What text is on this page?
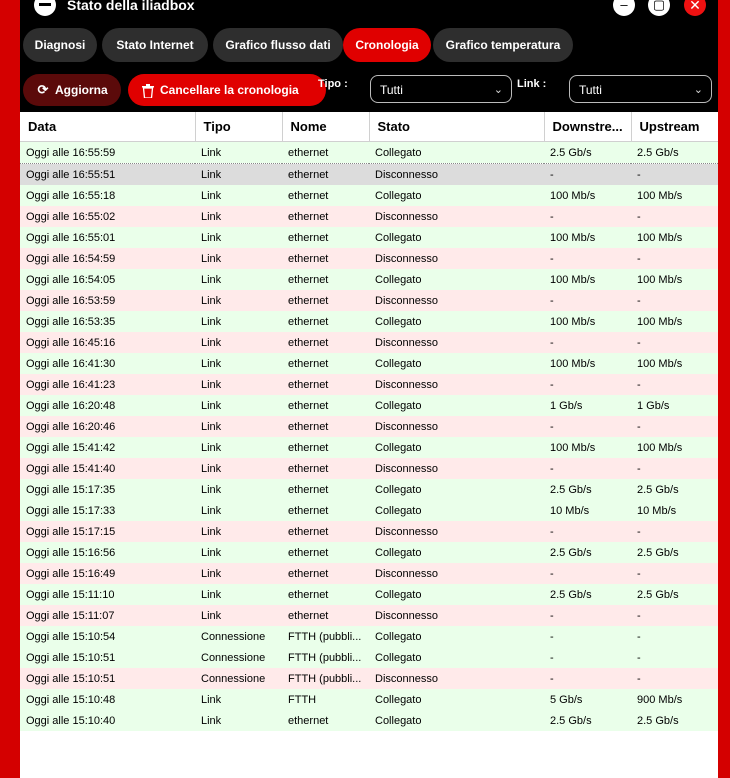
Stato della iliadbox	–	▢	✕
Diagnosi	Stato Internet	Grafico flusso dati	Cronologia	Grafico temperatura
⟳ Aggiorna	Cancellare la cronologia Tipo :	Tutti	⌄ Link :	Tutti	⌄
Data	Tipo	Nome	Stato	Downstre...	Upstream
Oggi alle 16:55:59	Link	ethernet	Collegato	2.5 Gb/s	2.5 Gb/s
Oggi alle 16:55:51	Link	ethernet	Disconnesso	-	-
Oggi alle 16:55:18	Link	ethernet	Collegato	100 Mb/s	100 Mb/s
Oggi alle 16:55:02	Link	ethernet	Disconnesso	-	-
Oggi alle 16:55:01	Link	ethernet	Collegato	100 Mb/s	100 Mb/s
Oggi alle 16:54:59	Link	ethernet	Disconnesso	-	-
Oggi alle 16:54:05	Link	ethernet	Collegato	100 Mb/s	100 Mb/s
Oggi alle 16:53:59	Link	ethernet	Disconnesso	-	-
Oggi alle 16:53:35	Link	ethernet	Collegato	100 Mb/s	100 Mb/s
Oggi alle 16:45:16	Link	ethernet	Disconnesso	-	-
Oggi alle 16:41:30	Link	ethernet	Collegato	100 Mb/s	100 Mb/s
Oggi alle 16:41:23	Link	ethernet	Disconnesso	-	-
Oggi alle 16:20:48	Link	ethernet	Collegato	1 Gb/s	1 Gb/s
Oggi alle 16:20:46	Link	ethernet	Disconnesso	-	-
Oggi alle 15:41:42	Link	ethernet	Collegato	100 Mb/s	100 Mb/s
Oggi alle 15:41:40	Link	ethernet	Disconnesso	-	-
Oggi alle 15:17:35	Link	ethernet	Collegato	2.5 Gb/s	2.5 Gb/s
Oggi alle 15:17:33	Link	ethernet	Collegato	10 Mb/s	10 Mb/s
Oggi alle 15:17:15	Link	ethernet	Disconnesso	-	-
Oggi alle 15:16:56	Link	ethernet	Collegato	2.5 Gb/s	2.5 Gb/s
Oggi alle 15:16:49	Link	ethernet	Disconnesso	-	-
Oggi alle 15:11:10	Link	ethernet	Collegato	2.5 Gb/s	2.5 Gb/s
Oggi alle 15:11:07	Link	ethernet	Disconnesso	-	-
Oggi alle 15:10:54	Connessione	FTTH (pubbli...	Collegato	-	-
Oggi alle 15:10:51	Connessione	FTTH (pubbli...	Collegato	-	-
Oggi alle 15:10:51	Connessione	FTTH (pubbli...	Disconnesso	-	-
Oggi alle 15:10:48	Link	FTTH	Collegato	5 Gb/s	900 Mb/s
Oggi alle 15:10:40	Link	ethernet	Collegato	2.5 Gb/s	2.5 Gb/s
